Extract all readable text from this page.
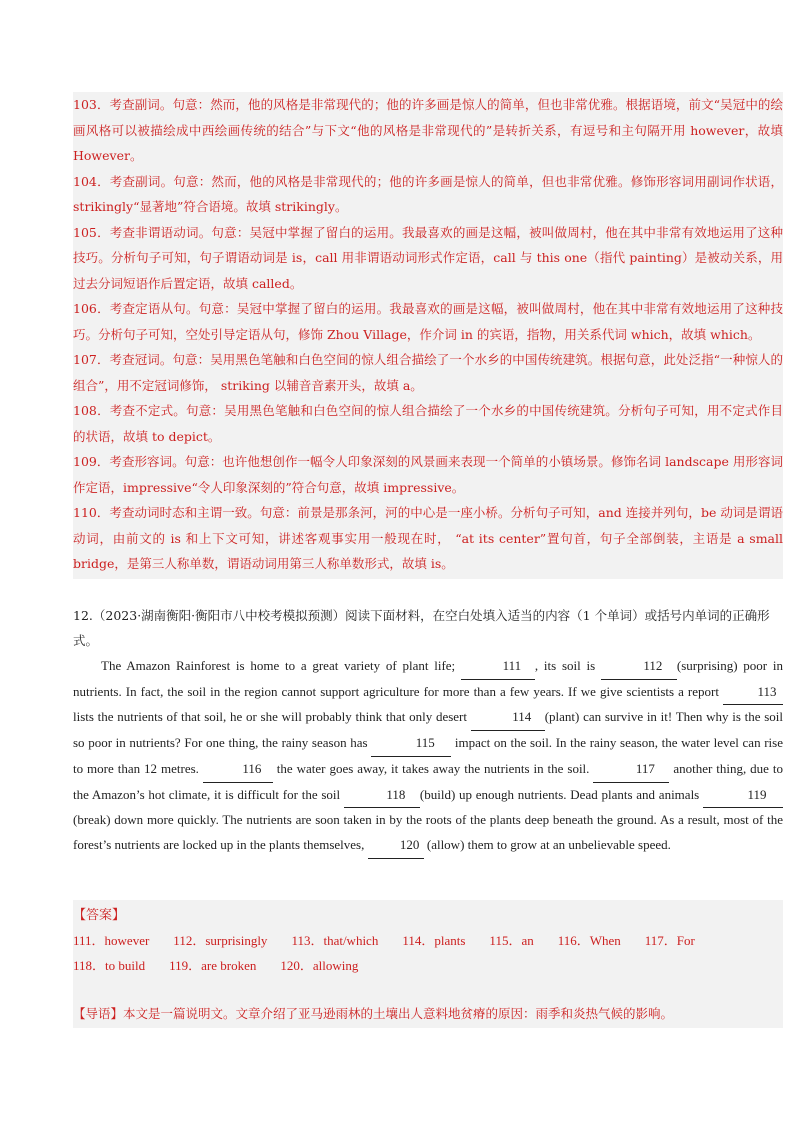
103．考查副词。句意：然而，他的风格是非常现代的；他的许多画是惊人的简单，但也非常优雅。根据语境，前文“吴冠中的绘画风格可以被描绘成中西绘画传统的结合”与下文“他的风格是非常现代的”是转折关系，有逗号和主句隔开用 however，故填 However。

104．考查副词。句意：然而，他的风格是非常现代的；他的许多画是惊人的简单，但也非常优雅。修饰形容词用副词作状语，strikingly“显著地”符合语境。故填 strikingly。

105．考查非谓语动词。句意：吴冠中掌握了留白的运用。我最喜欢的画是这幅，被叫做周村，他在其中非常有效地运用了这种技巧。分析句子可知，句子谓语动词是 is，call 用非谓语动词形式作定语，call 与 this one（指代 painting）是被动关系，用过去分词短语作后置定语，故填 called。

106．考查定语从句。句意：吴冠中掌握了留白的运用。我最喜欢的画是这幅，被叫做周村，他在其中非常有效地运用了这种技巧。分析句子可知，空处引导定语从句，修饰 Zhou Village，作介词 in 的宾语，指物，用关系代词 which，故填 which。

107．考查冠词。句意：吴用黑色笔触和白色空间的惊人组合描绘了一个水乡的中国传统建筑。根据句意，此处泛指“一种惊人的组合”，用不定冠词修饰， striking 以辅音音素开头，故填 a。

108．考查不定式。句意：吴用黑色笔触和白色空间的惊人组合描绘了一个水乡的中国传统建筑。分析句子可知，用不定式作目的状语，故填 to depict。

109．考查形容词。句意：也许他想创作一幅令人印象深刻的风景画来表现一个简单的小镇场景。修饰名词 landscape 用形容词作定语，impressive“令人印象深刻的”符合句意，故填 impressive。

110．考查动词时态和主谓一致。句意：前景是那条河，河的中心是一座小桥。分析句子可知，and 连接并列句，be 动词是谓语动词，由前文的 is 和上下文可知，讲述客观事实用一般现在时， “at its center”置句首，句子全部倒装，主语是 a small bridge，是第三人称单数，谓语动词用第三人称单数形式，故填 is。

12.（2023·湖南衡阳·衡阳市八中校考模拟预测）阅读下面材料，在空白处填入适当的内容（1 个单词）或括号内单词的正确形式。

The Amazon Rainforest is home to a great variety of plant life;	111 , its soil is	112 (surprising) poor in nutrients. In fact, the soil in the region cannot support agriculture for more than a few years. If we give scientists a report	113 lists the nutrients of that soil, he or she will probably think that only desert	114 (plant) can survive in it! Then why is the soil so poor in nutrients? For one thing, the rainy season has	115 impact on the soil. In the rainy season, the water level can rise to more than 12 metres.	116 the water goes away, it takes away the nutrients in the soil.	117 another thing, due to the Amazon’s hot climate, it is difficult for the soil	118 (build) up enough nutrients. Dead plants and animals	119(break) down more quickly. The nutrients are soon taken in by the roots of the plants deep beneath the ground. As a result, most of the forest’s nutrients are locked up in the plants themselves, 120 (allow) them to grow at an unbelievable speed.

【答案】
111．however 112．surprisingly 113．that/which 114．plants 115．an 116．When 117．For
118．to build 119．are broken 120．allowing
【导语】本文是一篇说明文。文章介绍了亚马逊雨林的土壤出人意料地贫瘠的原因：雨季和炎热气候的影响。
